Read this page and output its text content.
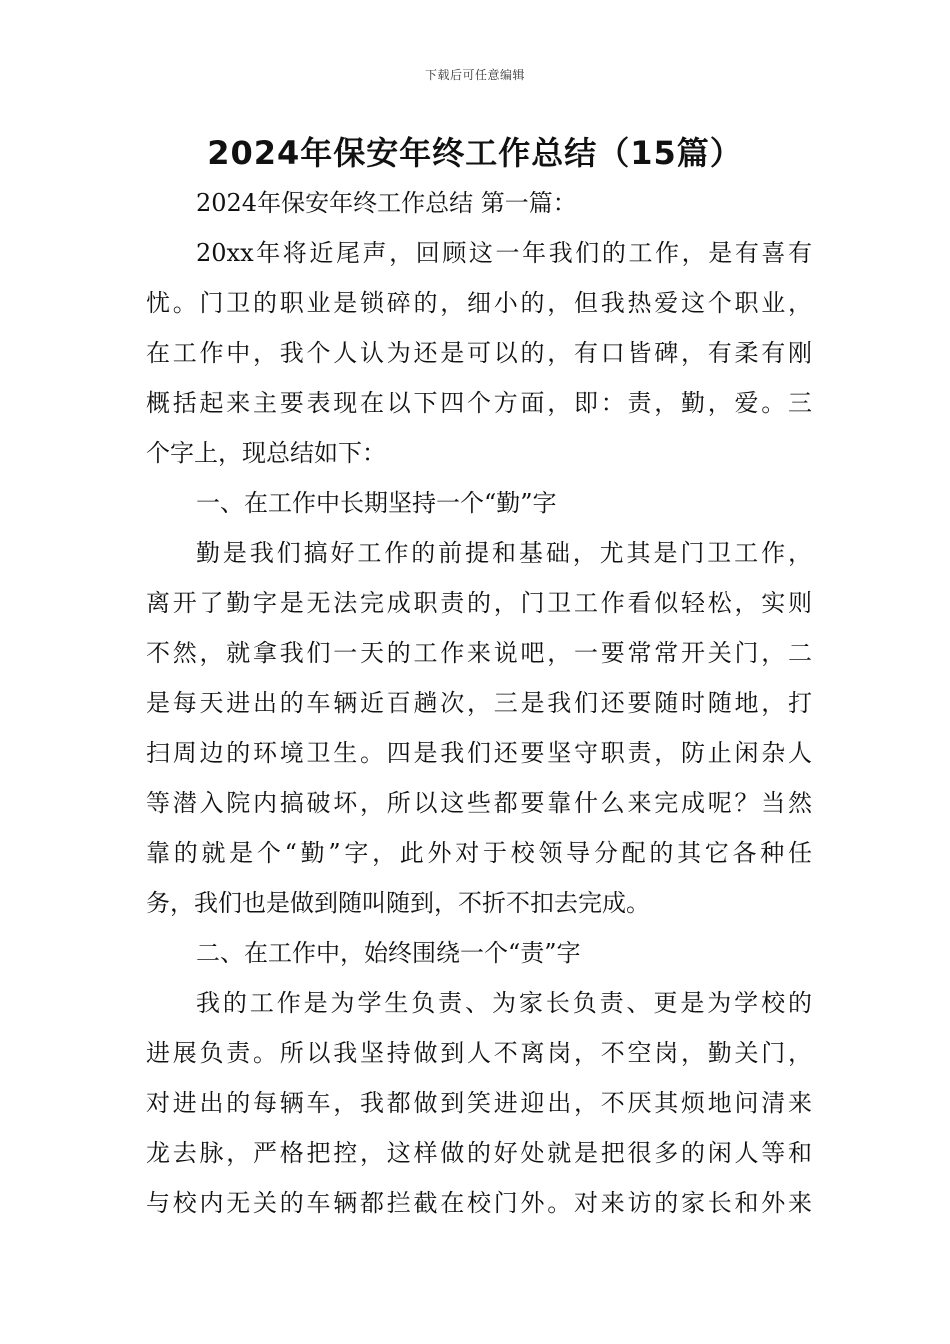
下载后可任意编辑
2024年保安年终工作总结（15篇）
2024年保安年终工作总结 第一篇：
20xx年将近尾声，回顾这一年我们的工作，是有喜有
忧。门卫的职业是锁碎的，细小的，但我热爱这个职业，
在工作中，我个人认为还是可以的，有口皆碑，有柔有刚
概括起来主要表现在以下四个方面，即：责，勤，爱。三
个字上，现总结如下：
一、在工作中长期坚持一个“勤”字
勤是我们搞好工作的前提和基础，尤其是门卫工作，
离开了勤字是无法完成职责的，门卫工作看似轻松，实则
不然，就拿我们一天的工作来说吧，一要常常开关门，二
是每天进出的车辆近百趟次，三是我们还要随时随地，打
扫周边的环境卫生。四是我们还要坚守职责，防止闲杂人
等潜入院内搞破坏，所以这些都要靠什么来完成呢？当然
靠的就是个“勤”字，此外对于校领导分配的其它各种任
务，我们也是做到随叫随到，不折不扣去完成。
二、在工作中，始终围绕一个“责”字
我的工作是为学生负责、为家长负责、更是为学校的
进展负责。所以我坚持做到人不离岗，不空岗，勤关门，
对进出的每辆车，我都做到笑进迎出，不厌其烦地问清来
龙去脉，严格把控，这样做的好处就是把很多的闲人等和
与校内无关的车辆都拦截在校门外。对来访的家长和外来
